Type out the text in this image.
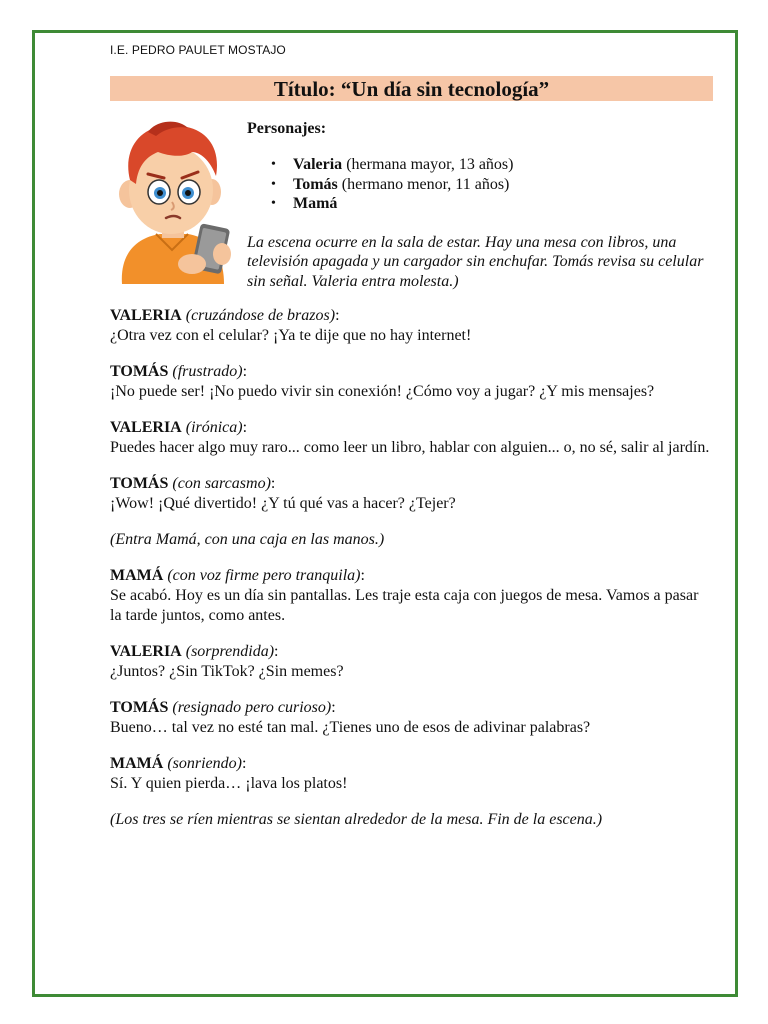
I.E. PEDRO PAULET MOSTAJO
Título: “Un día sin tecnología”
Personajes:
• Valeria (hermana mayor, 13 años)
• Tomás (hermano menor, 11 años)
• Mamá
La escena ocurre en la sala de estar. Hay una mesa con libros, una televisión apagada y un cargador sin enchufar. Tomás revisa su celular sin señal. Valeria entra molesta.)
VALERIA (cruzándose de brazos):
¿Otra vez con el celular? ¡Ya te dije que no hay internet!
TOMÁS (frustrado):
¡No puede ser! ¡No puedo vivir sin conexión! ¿Cómo voy a jugar? ¿Y mis mensajes?
VALERIA (irónica):
Puedes hacer algo muy raro... como leer un libro, hablar con alguien... o, no sé, salir al jardín.
TOMÁS (con sarcasmo):
¡Wow! ¡Qué divertido! ¿Y tú qué vas a hacer? ¿Tejer?
(Entra Mamá, con una caja en las manos.)
MAMÁ (con voz firme pero tranquila):
Se acabó. Hoy es un día sin pantallas. Les traje esta caja con juegos de mesa. Vamos a pasar la tarde juntos, como antes.
VALERIA (sorprendida):
¿Juntos? ¿Sin TikTok? ¿Sin memes?
TOMÁS (resignado pero curioso):
Bueno… tal vez no esté tan mal. ¿Tienes uno de esos de adivinar palabras?
MAMÁ (sonriendo):
Sí. Y quien pierda… ¡lava los platos!
(Los tres se ríen mientras se sientan alrededor de la mesa. Fin de la escena.)
